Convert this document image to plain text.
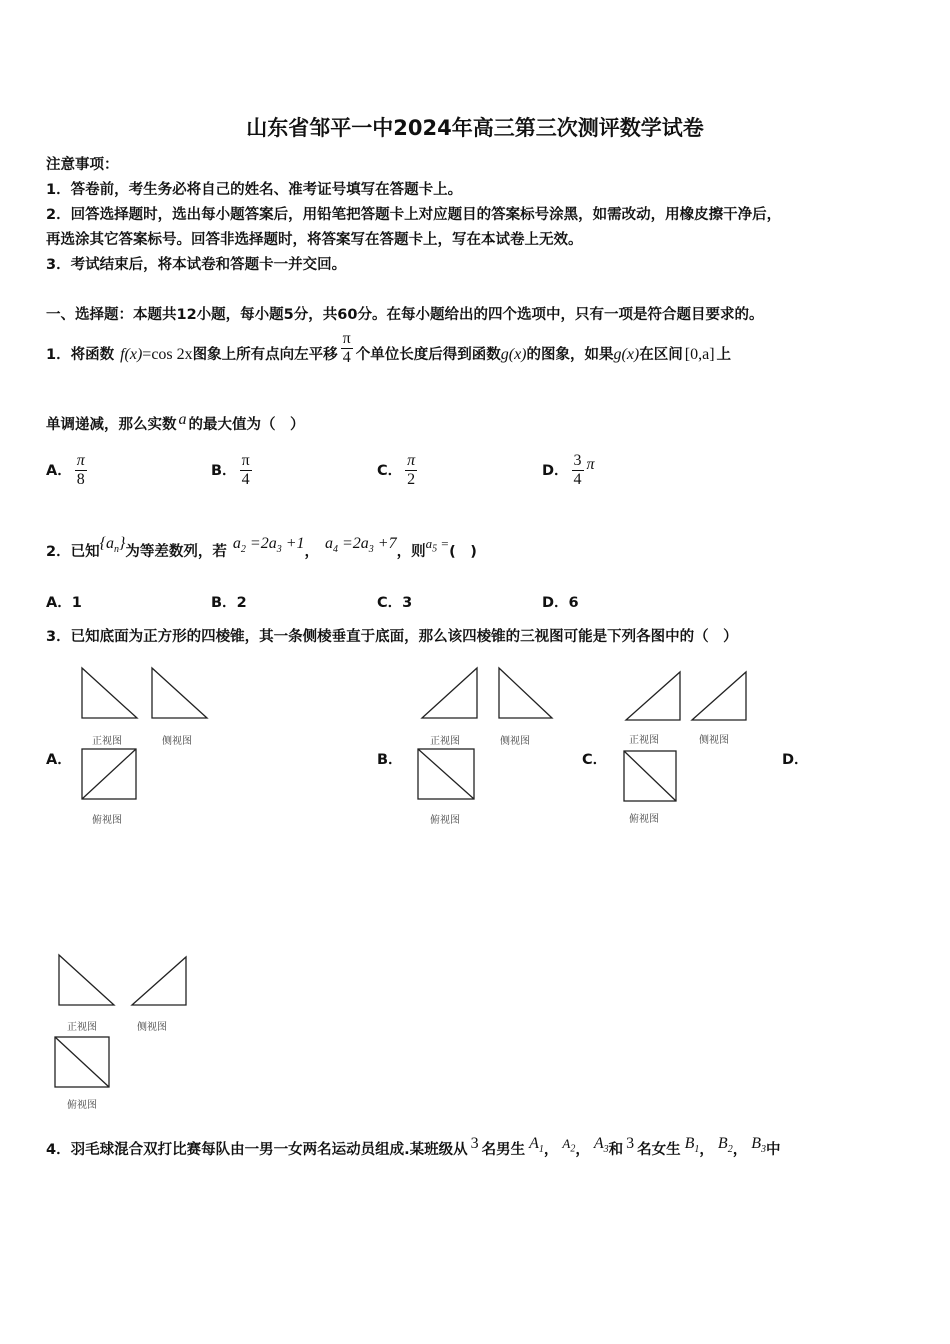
山东省邹平一中2024年高三第三次测评数学试卷
注意事项：
1．答卷前，考生务必将自己的姓名、准考证号填写在答题卡上。
2．回答选择题时，选出每小题答案后，用铅笔把答题卡上对应题目的答案标号涂黑，如需改动，用橡皮擦干净后，
再选涂其它答案标号。回答非选择题时，将答案写在答题卡上，写在本试卷上无效。
3．考试结束后，将本试卷和答题卡一并交回。
一、选择题：本题共12小题，每小题5分，共60分。在每小题给出的四个选项中，只有一项是符合题目要求的。
1．将函数 f(x)=cos 2x图象上所有点向左平移 $\frac{\pi}{4}$ 个单位长度后得到函数g(x)的图象，如果g(x)在区间 [0,a] 上
单调递减，那么实数 a 的最大值为（　）
A． $\frac{\pi}{8}$	B． $\frac{\pi}{4}$	C． $\frac{\pi}{2}$	D． $\frac{3}{4}$ π
2．已知$\{a_n\}$为等差数列，若 $a_2 =2a_3 +1$， $a_4 =2a_3 +7$，则$a_5$ =(　)
A．1	B．2	C．3	D．6
3．已知底面为正方形的四棱锥，其一条侧棱垂直于底面，那么该四棱锥的三视图可能是下列各图中的（　）
A．	B．	C．	D．
正视图	侧视图
俯视图
正视图	侧视图
俯视图
正视图	侧视图
俯视图
正视图	侧视图
俯视图
4．羽毛球混合双打比赛每队由一男一女两名运动员组成.某班级从 3 名男生 $A_1$， $A_2$， $A_3$和 3 名女生 $B_1$， $B_2$， $B_3$中
